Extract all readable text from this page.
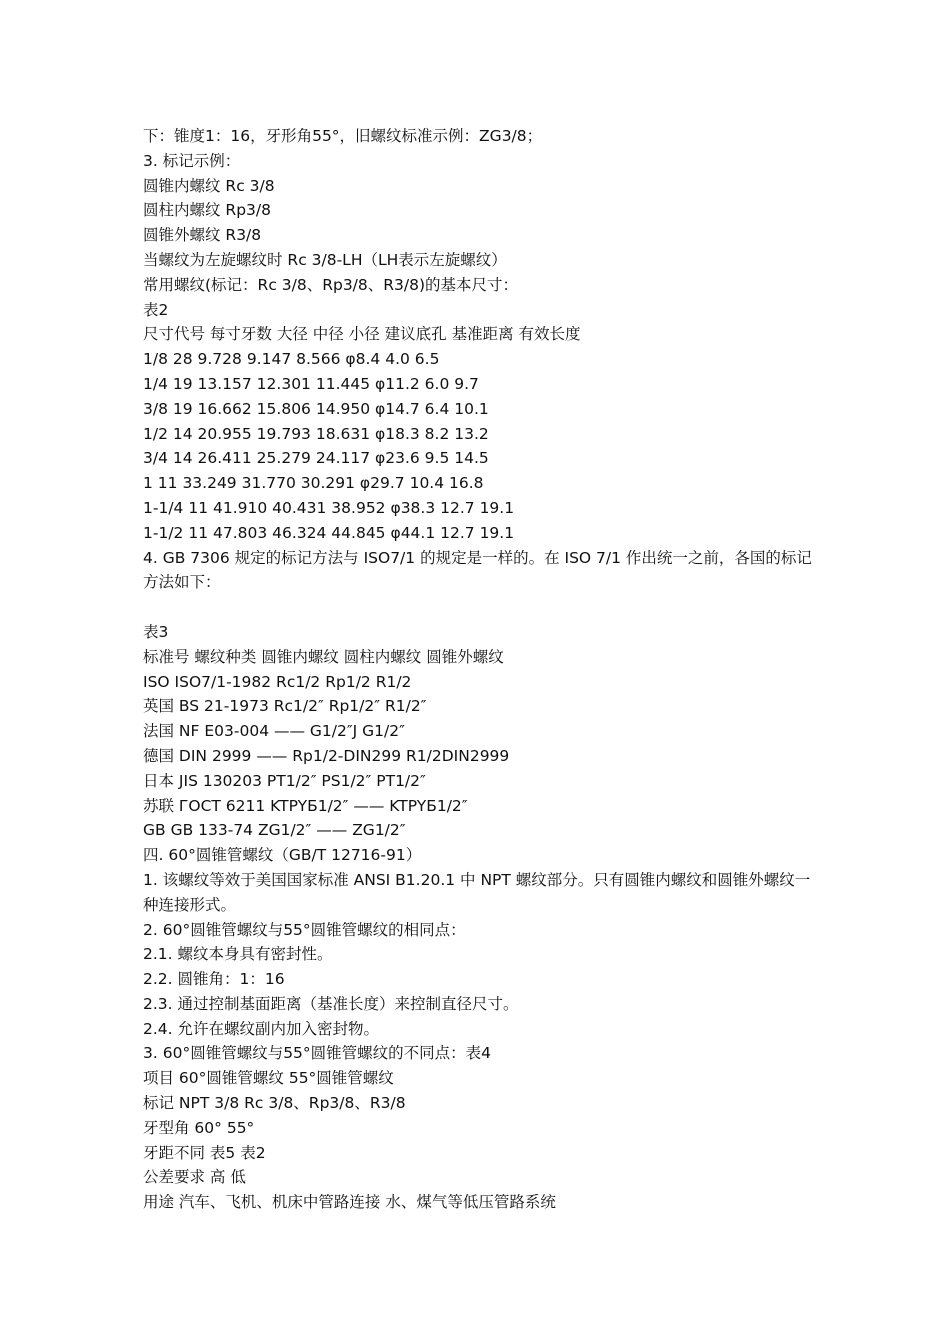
下：锥度1：16，牙形角55°，旧螺纹标准示例：ZG3/8；
3. 标记示例：
圆锥内螺纹 Rc 3/8
圆柱内螺纹 Rp3/8
圆锥外螺纹 R3/8
当螺纹为左旋螺纹时 Rc 3/8-LH（LH表示左旋螺纹）
常用螺纹(标记：Rc 3/8、Rp3/8、R3/8)的基本尺寸：
表2
尺寸代号 每寸牙数 大径 中径 小径 建议底孔 基准距离 有效长度
1/8 28 9.728 9.147 8.566 φ8.4 4.0 6.5
1/4 19 13.157 12.301 11.445 φ11.2 6.0 9.7
3/8 19 16.662 15.806 14.950 φ14.7 6.4 10.1
1/2 14 20.955 19.793 18.631 φ18.3 8.2 13.2
3/4 14 26.411 25.279 24.117 φ23.6 9.5 14.5
1 11 33.249 31.770 30.291 φ29.7 10.4 16.8
1-1/4 11 41.910 40.431 38.952 φ38.3 12.7 19.1
1-1/2 11 47.803 46.324 44.845 φ44.1 12.7 19.1
4. GB 7306 规定的标记方法与 ISO7/1 的规定是一样的。在 ISO 7/1 作出统一之前，各国的标记方法如下：
表3
标准号 螺纹种类 圆锥内螺纹 圆柱内螺纹 圆锥外螺纹
ISO ISO7/1-1982 Rc1/2 Rp1/2 R1/2
英国 BS 21-1973 Rc1/2″ Rp1/2″ R1/2″
法国 NF E03-004 —— G1/2″J G1/2″
德国 DIN 2999 —— Rp1/2-DIN299 R1/2DIN2999
日本 JIS 130203 PT1/2″ PS1/2″ PT1/2″
苏联 ГОСТ 6211 KTPYБ1/2″ —— KTPYБ1/2″
GB GB 133-74 ZG1/2″ —— ZG1/2″
四. 60°圆锥管螺纹（GB/T 12716-91）
1. 该螺纹等效于美国国家标准 ANSI B1.20.1 中 NPT 螺纹部分。只有圆锥内螺纹和圆锥外螺纹一种连接形式。
2. 60°圆锥管螺纹与55°圆锥管螺纹的相同点：
2.1. 螺纹本身具有密封性。
2.2. 圆锥角：1：16
2.3. 通过控制基面距离（基准长度）来控制直径尺寸。
2.4. 允许在螺纹副内加入密封物。
3. 60°圆锥管螺纹与55°圆锥管螺纹的不同点：表4
项目 60°圆锥管螺纹 55°圆锥管螺纹
标记 NPT 3/8 Rc 3/8、Rp3/8、R3/8
牙型角 60° 55°
牙距不同 表5 表2
公差要求 高 低
用途 汽车、飞机、机床中管路连接 水、煤气等低压管路系统
